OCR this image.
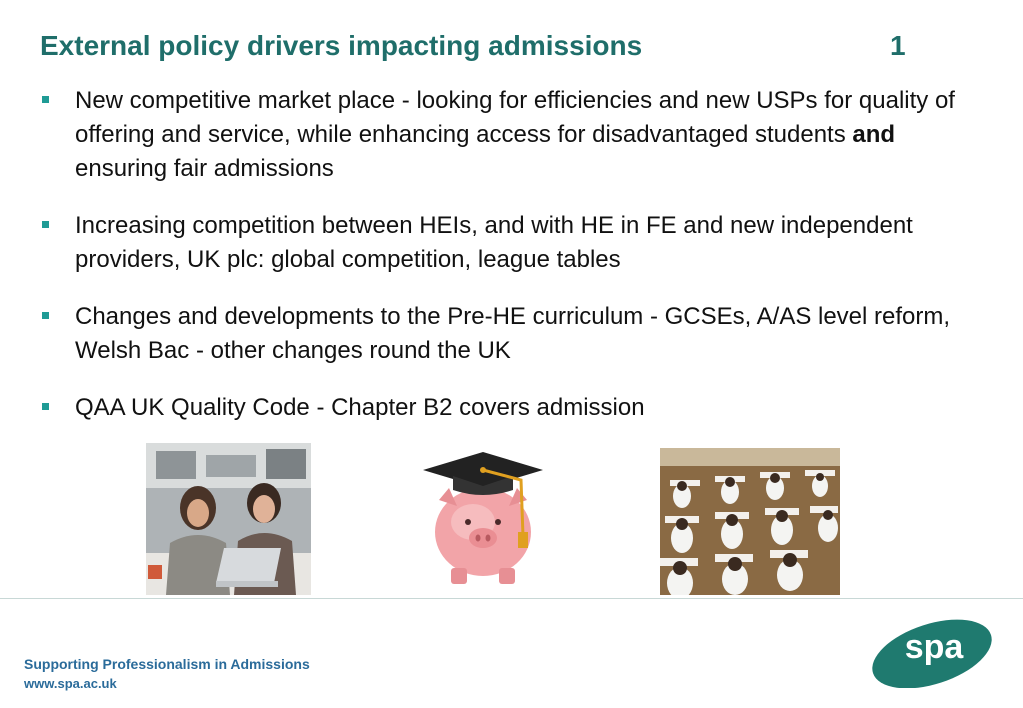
External policy drivers impacting admissions	1
New competitive market place - looking for efficiencies and new USPs for quality of offering and service, while enhancing access for disadvantaged students and ensuring fair admissions
Increasing competition between HEIs, and with HE in FE and new independent providers, UK plc: global competition, league tables
Changes and developments to the Pre-HE curriculum - GCSEs, A/AS level reform, Welsh Bac - other changes round the UK
QAA UK Quality Code - Chapter B2 covers admission
Supporting Professionalism in Admissions
www.spa.ac.uk
spa
